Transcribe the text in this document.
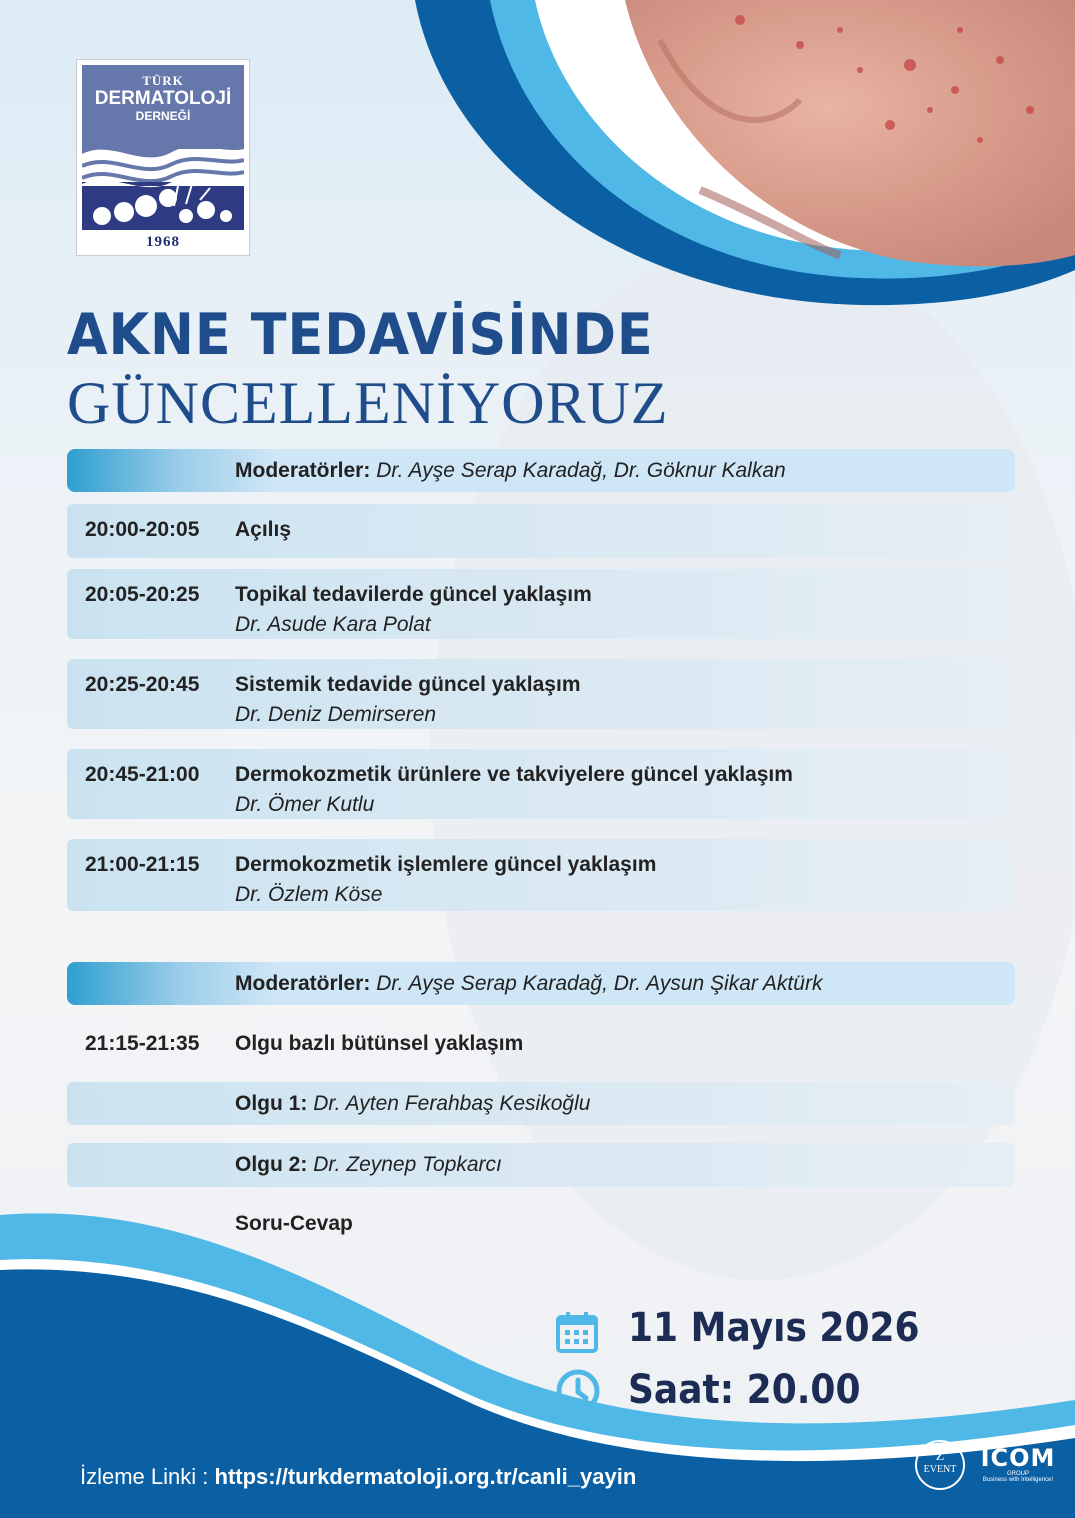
TÜRK
DERMATOLOJİ
DERNEĞİ
1968
AKNE TEDAVİSİNDE
GÜNCELLENİYORUZ
Moderatörler: Dr. Ayşe Serap Karadağ, Dr. Göknur Kalkan
20:00-20:05 Açılış
20:05-20:25 Topikal tedavilerde güncel yaklaşım
Dr. Asude Kara Polat
20:25-20:45 Sistemik tedavide güncel yaklaşım
Dr. Deniz Demirseren
20:45-21:00 Dermokozmetik ürünlere ve takviyelere güncel yaklaşım
Dr. Ömer Kutlu
21:00-21:15 Dermokozmetik işlemlere güncel yaklaşım
Dr. Özlem Köse
Moderatörler: Dr. Ayşe Serap Karadağ, Dr. Aysun Şikar Aktürk
21:15-21:35 Olgu bazlı bütünsel yaklaşım
Olgu 1: Dr. Ayten Ferahbaş Kesikoğlu
Olgu 2: Dr. Zeynep Topkarcı
Soru-Cevap
11 Mayıs 2026
Saat: 20.00
İzleme Linki : https://turkdermatoloji.org.tr/canli_yayin
Z
EVENT
MANAGED BY
ICOM
GROUP
Business with Intelligence!
